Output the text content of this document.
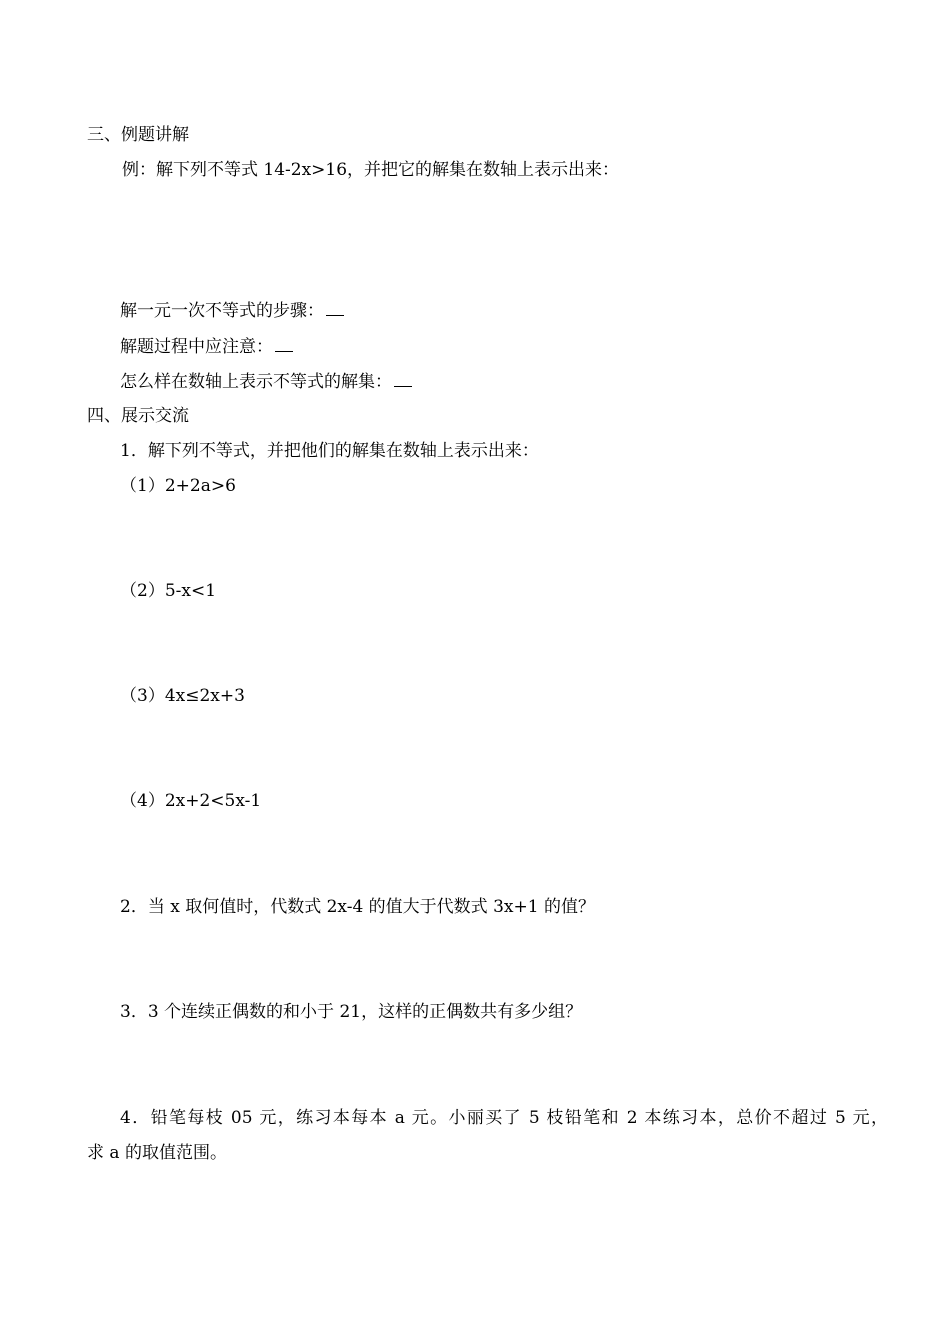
三、例题讲解
例：解下列不等式 14-2x>16，并把它的解集在数轴上表示出来：
解一元一次不等式的步骤：
解题过程中应注意：
怎么样在数轴上表示不等式的解集：
四、展示交流
1．解下列不等式，并把他们的解集在数轴上表示出来：
（1）2+2a>6
（2）5-x<1
（3）4x≤2x+3
（4）2x+2<5x-1
2．当 x 取何值时，代数式 2x-4 的值大于代数式 3x+1 的值？
3．3 个连续正偶数的和小于 21，这样的正偶数共有多少组？
4．铅笔每枝 05 元，练习本每本 a 元。小丽买了 5 枝铅笔和 2 本练习本，总价不超过 5 元，
求 a 的取值范围。
